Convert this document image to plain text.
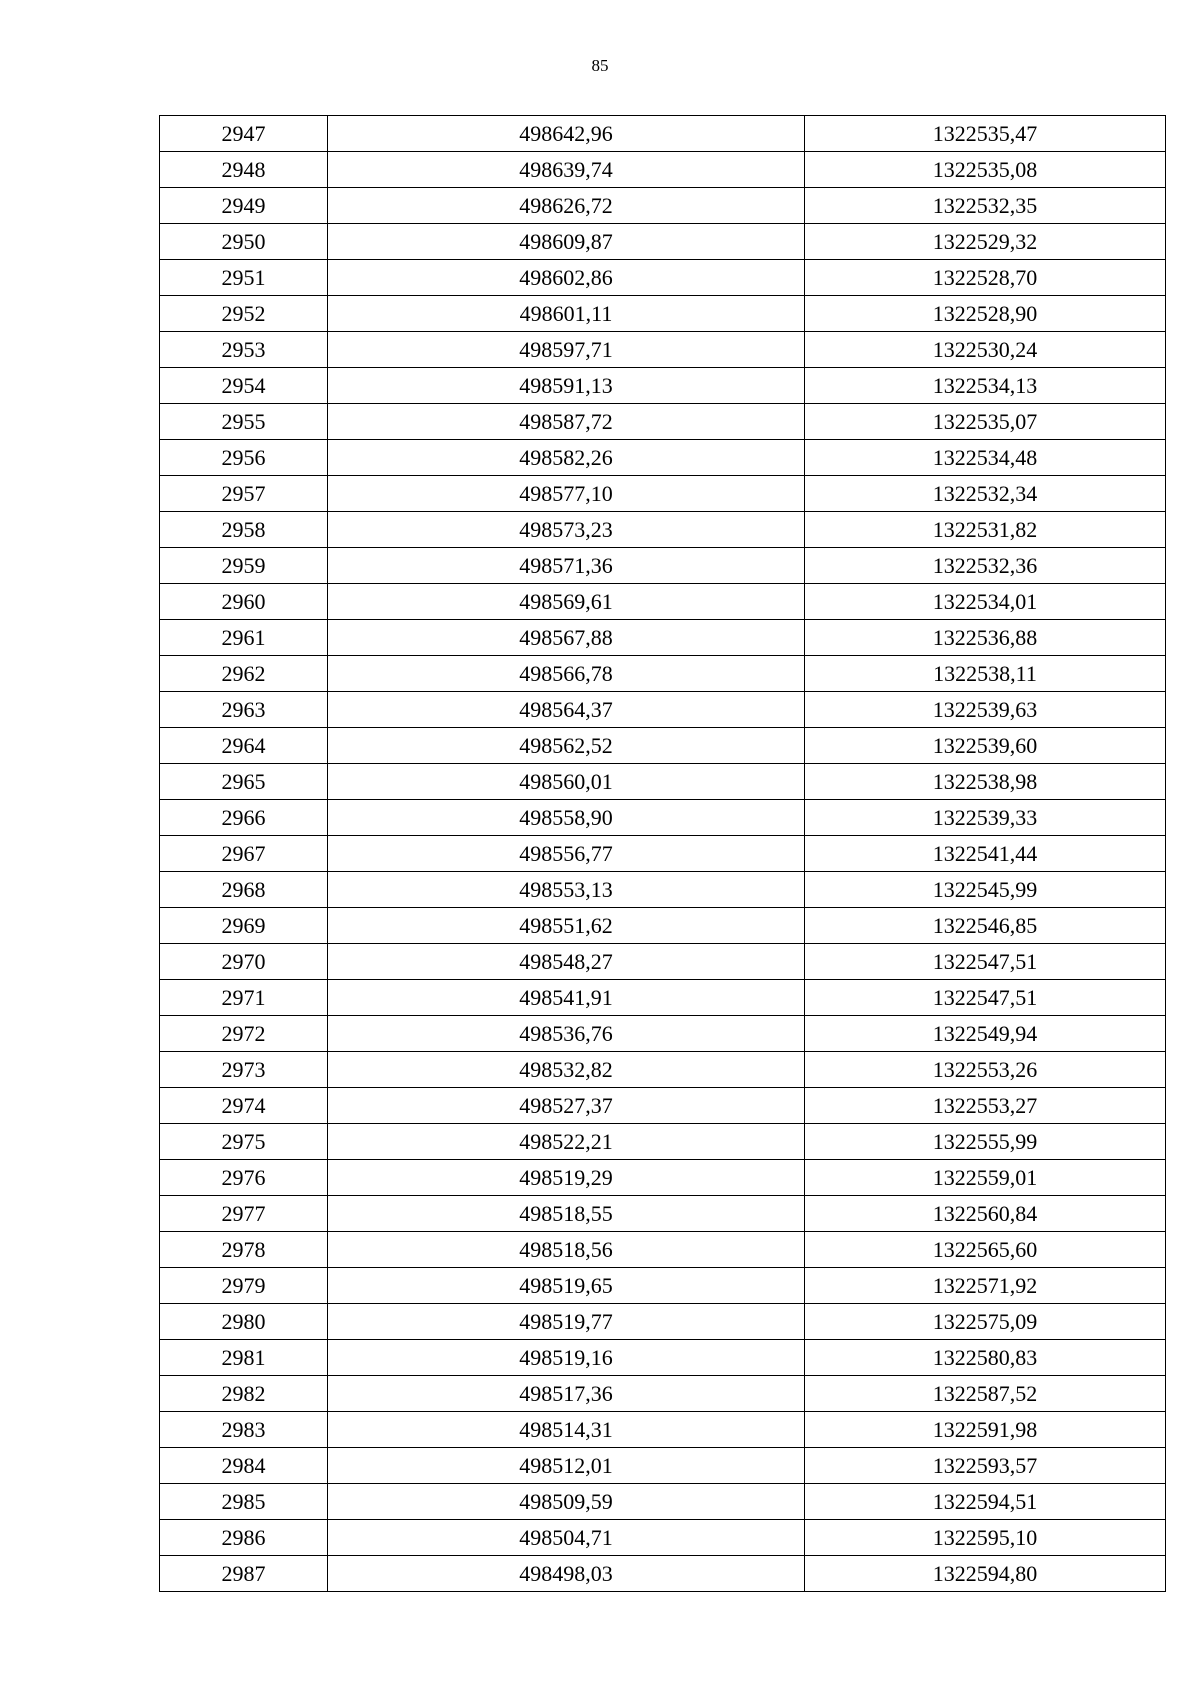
85
2947	498642,96	1322535,47
2948	498639,74	1322535,08
2949	498626,72	1322532,35
2950	498609,87	1322529,32
2951	498602,86	1322528,70
2952	498601,11	1322528,90
2953	498597,71	1322530,24
2954	498591,13	1322534,13
2955	498587,72	1322535,07
2956	498582,26	1322534,48
2957	498577,10	1322532,34
2958	498573,23	1322531,82
2959	498571,36	1322532,36
2960	498569,61	1322534,01
2961	498567,88	1322536,88
2962	498566,78	1322538,11
2963	498564,37	1322539,63
2964	498562,52	1322539,60
2965	498560,01	1322538,98
2966	498558,90	1322539,33
2967	498556,77	1322541,44
2968	498553,13	1322545,99
2969	498551,62	1322546,85
2970	498548,27	1322547,51
2971	498541,91	1322547,51
2972	498536,76	1322549,94
2973	498532,82	1322553,26
2974	498527,37	1322553,27
2975	498522,21	1322555,99
2976	498519,29	1322559,01
2977	498518,55	1322560,84
2978	498518,56	1322565,60
2979	498519,65	1322571,92
2980	498519,77	1322575,09
2981	498519,16	1322580,83
2982	498517,36	1322587,52
2983	498514,31	1322591,98
2984	498512,01	1322593,57
2985	498509,59	1322594,51
2986	498504,71	1322595,10
2987	498498,03	1322594,80
